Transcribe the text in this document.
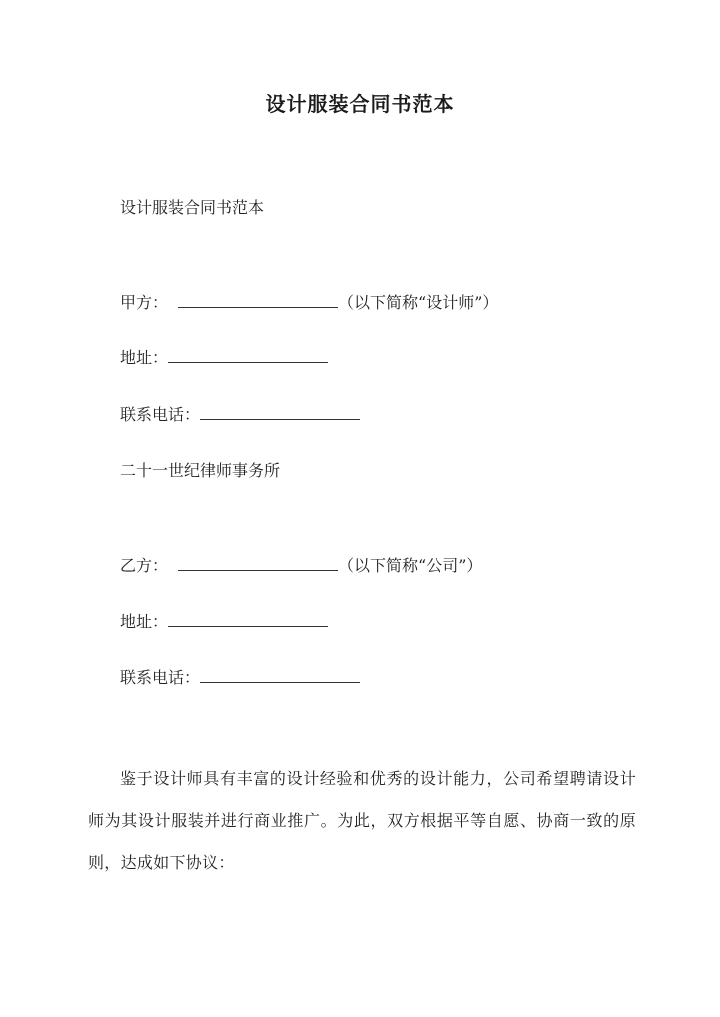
设计服装合同书范本
设计服装合同书范本
甲方：	（以下简称“设计师”）
地址：
联系电话：
二十一世纪律师事务所
乙方：	（以下简称“公司”）
地址：
联系电话：
鉴于设计师具有丰富的设计经验和优秀的设计能力，公司希望聘请设计师为其设计服装并进行商业推广。为此，双方根据平等自愿、协商一致的原则，达成如下协议：
